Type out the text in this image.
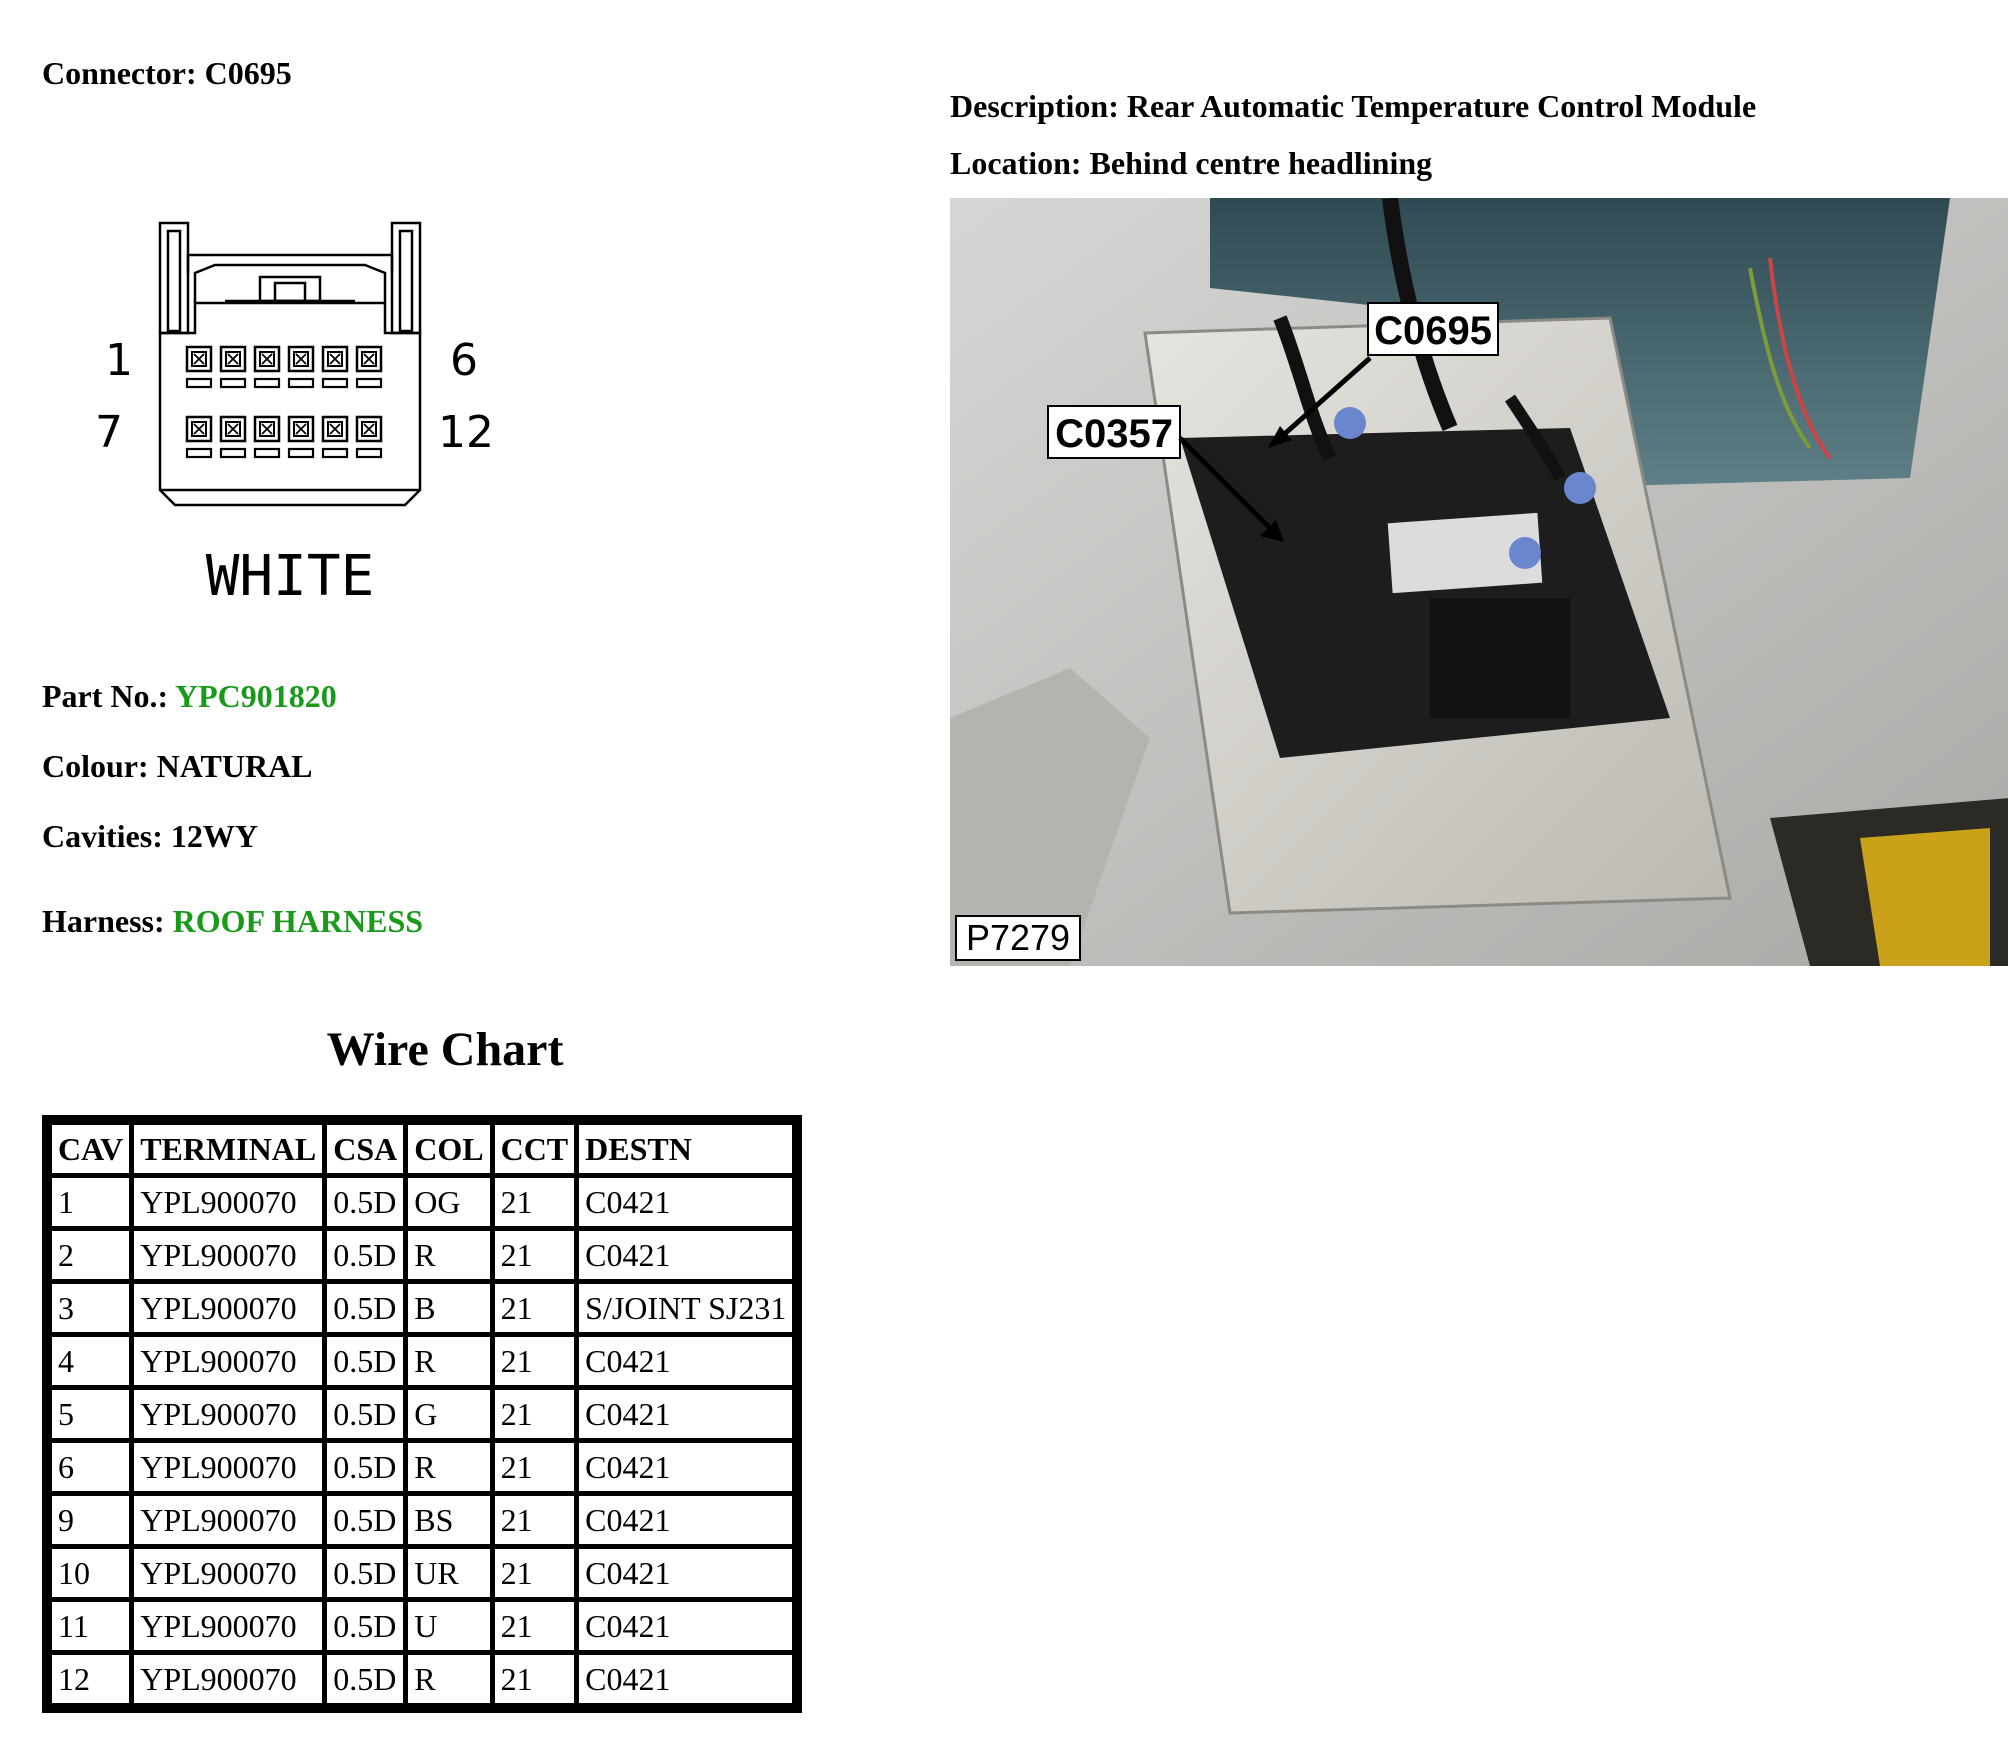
Connector: C0695
Description: Rear Automatic Temperature Control Module
Location: Behind centre headlining
1
7
6
12
WHITE
Part No.: YPC901820
Colour: NATURAL
Cavities: 12WY
Harness: ROOF HARNESS
C0695
C0357
P7279
Wire Chart
CAV	TERMINAL	CSA	COL	CCT	DESTN
1	YPL900070	0.5D	OG	21	C0421
2	YPL900070	0.5D	R	21	C0421
3	YPL900070	0.5D	B	21	S/JOINT SJ231
4	YPL900070	0.5D	R	21	C0421
5	YPL900070	0.5D	G	21	C0421
6	YPL900070	0.5D	R	21	C0421
9	YPL900070	0.5D	BS	21	C0421
10	YPL900070	0.5D	UR	21	C0421
11	YPL900070	0.5D	U	21	C0421
12	YPL900070	0.5D	R	21	C0421
